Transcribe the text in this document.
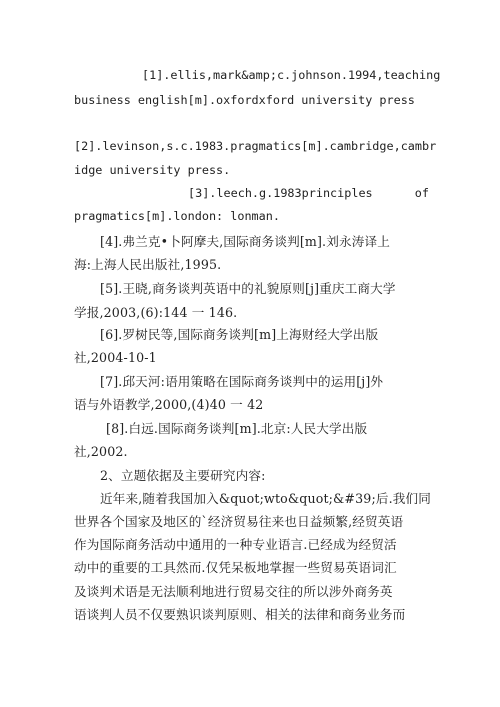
[1].ellis,mark&amp;c.johnson.1994,teaching
business english[m].oxfordxford university press
[2].levinson,s.c.1983.pragmatics[m].cambridge,cambr
idge university press.
[3].leech.g.1983principles	of
pragmatics[m].london: lonman.
[4].弗兰克•卜阿摩夫,国际商务谈判[m].刘永涛译上
海:上海人民出版社,1995.
[5].王晓,商务谈判英语中的礼貌原则[j]重庆工商大学
学报,2003,(6):144 一 146.
[6].罗树民等,国际商务谈判[m]上海财经大学出版
社,2004-10-1
[7].邱天河:语用策略在国际商务谈判中的运用[j]外
语与外语教学,2000,(4)40 一 42
[8].白远.国际商务谈判[m].北京:人民大学出版
社,2002.
2、立题依据及主要研究内容:
近年来,随着我国加入&quot;wto&quot;&#39;后.我们同
世界各个国家及地区的`经济贸易往来也日益频繁,经贸英语
作为国际商务活动中通用的一种专业语言.已经成为经贸活
动中的重要的工具然而.仅凭呆板地掌握一些贸易英语词汇
及谈判术语是无法顺利地进行贸易交往的所以涉外商务英
语谈判人员不仅要熟识谈判原则、相关的法律和商务业务而
